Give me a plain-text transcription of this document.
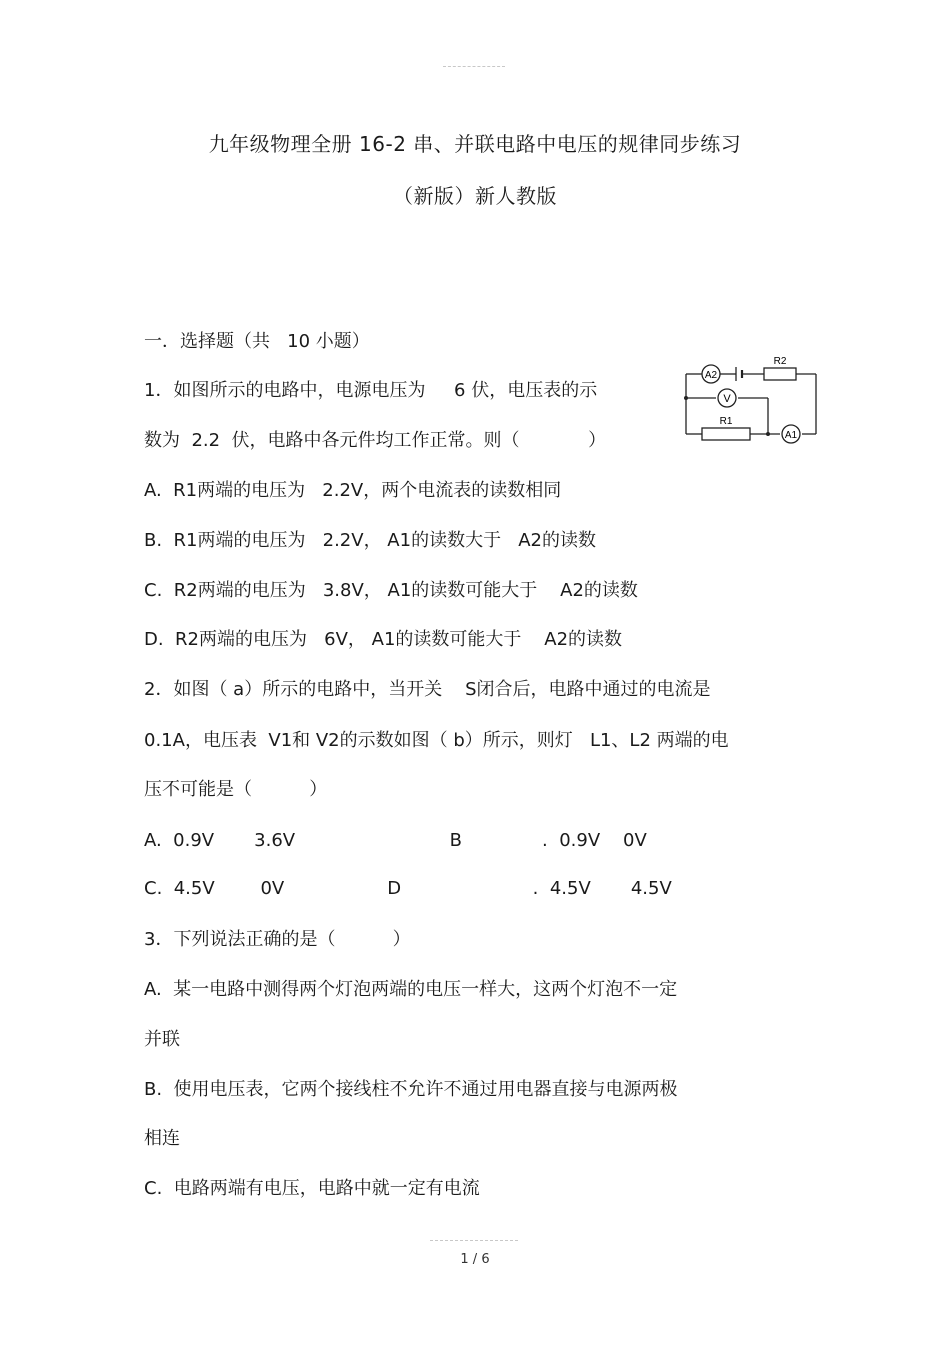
九年级物理全册 16-2 串、并联电路中电压的规律同步练习
（新版）新人教版
一．选择题（共   10 小题）
1．如图所示的电路中，电源电压为     6 伏，电压表的示
数为  2.2  伏，电路中各元件均工作正常。则（            ）
A2
V
R2
R1
A1
A.  R1两端的电压为   2.2V，两个电流表的读数相同
B.  R1两端的电压为   2.2V， A1的读数大于   A2的读数
C.  R2两端的电压为   3.8V， A1的读数可能大于    A2的读数
D.  R2两端的电压为   6V， A1的读数可能大于    A2的读数
2．如图（ a）所示的电路中，当开关    S闭合后，电路中通过的电流是
0.1A，电压表  V1和 V2的示数如图（ b）所示，则灯   L1、L2 两端的电
压不可能是（          ）
A.  0.9V       3.6V                           B              .  0.9V    0V
C.  4.5V        0V                  D                       .  4.5V       4.5V
3．下列说法正确的是（          ）
A.  某一电路中测得两个灯泡两端的电压一样大，这两个灯泡不一定
并联
B.  使用电压表，它两个接线柱不允许不通过用电器直接与电源两极
相连
C.  电路两端有电压，电路中就一定有电流
1 / 6
